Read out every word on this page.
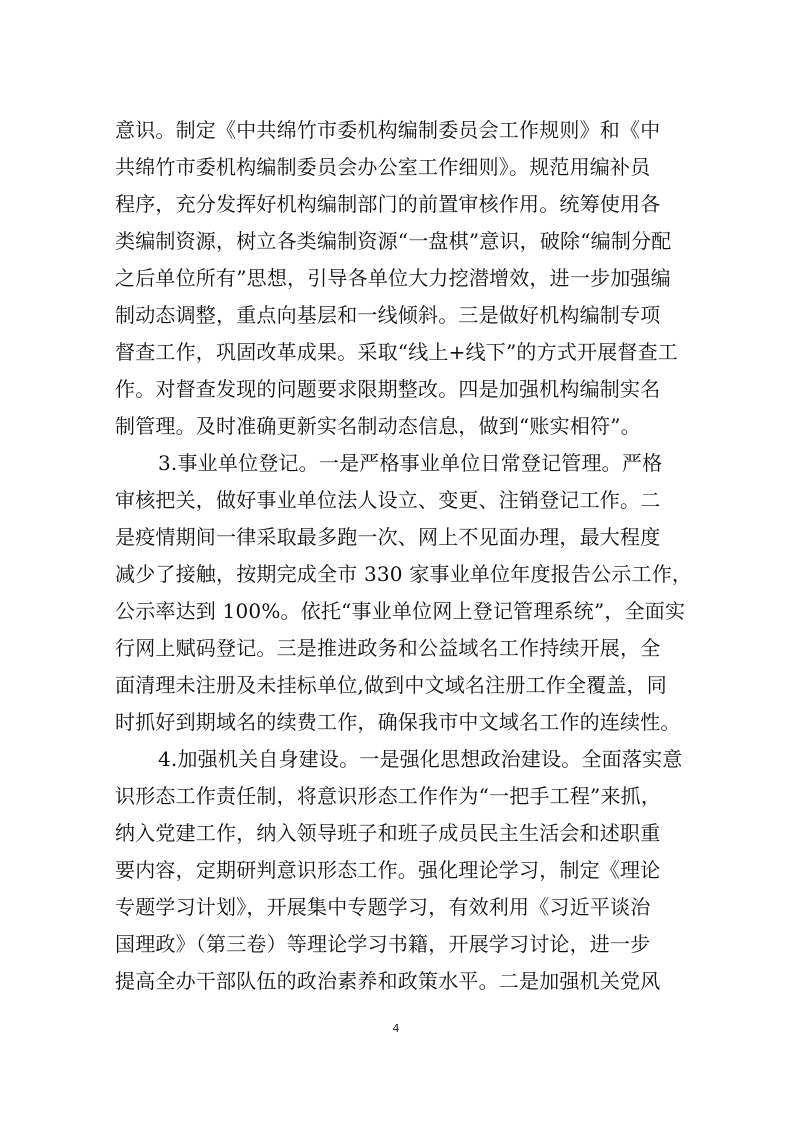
意识。制定《中共绵竹市委机构编制委员会工作规则》和《中
共绵竹市委机构编制委员会办公室工作细则》。规范用编补员
程序，充分发挥好机构编制部门的前置审核作用。统筹使用各
类编制资源，树立各类编制资源“一盘棋”意识，破除“编制分配
之后单位所有”思想，引导各单位大力挖潜增效，进一步加强编
制动态调整，重点向基层和一线倾斜。三是做好机构编制专项
督查工作，巩固改革成果。采取“线上+线下”的方式开展督查工
作。对督查发现的问题要求限期整改。四是加强机构编制实名
制管理。及时准确更新实名制动态信息，做到“账实相符”。
3.事业单位登记。一是严格事业单位日常登记管理。严格
审核把关，做好事业单位法人设立、变更、注销登记工作。二
是疫情期间一律采取最多跑一次、网上不见面办理，最大程度
减少了接触，按期完成全市 330 家事业单位年度报告公示工作，
公示率达到 100%。依托“事业单位网上登记管理系统”，全面实
行网上赋码登记。三是推进政务和公益域名工作持续开展，全
面清理未注册及未挂标单位,做到中文域名注册工作全覆盖，同
时抓好到期域名的续费工作，确保我市中文域名工作的连续性。
4.加强机关自身建设。一是强化思想政治建设。全面落实意
识形态工作责任制，将意识形态工作作为“一把手工程”来抓，
纳入党建工作，纳入领导班子和班子成员民主生活会和述职重
要内容，定期研判意识形态工作。强化理论学习，制定《理论
专题学习计划》，开展集中专题学习，有效利用《习近平谈治
国理政》（第三卷）等理论学习书籍，开展学习讨论，进一步
提高全办干部队伍的政治素养和政策水平。二是加强机关党风
4
